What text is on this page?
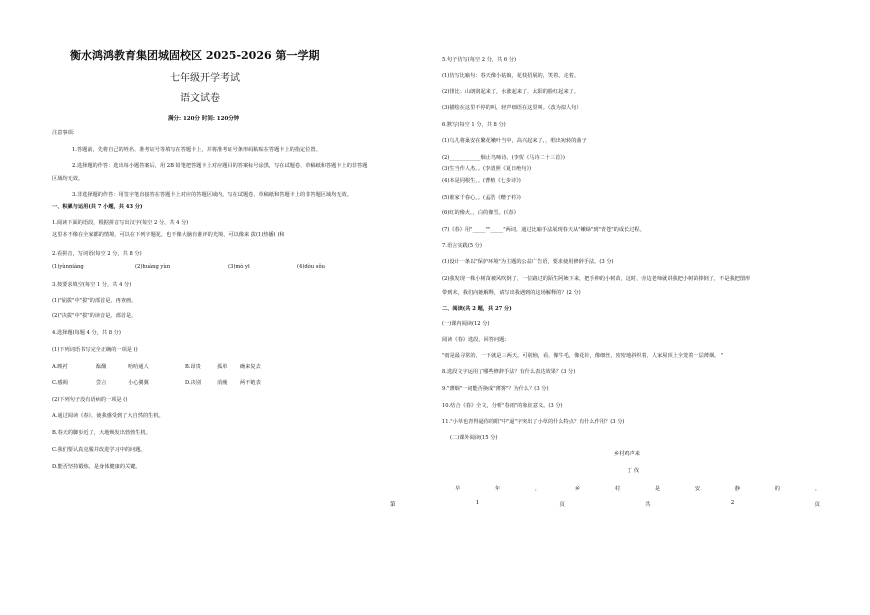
衡水鸿鸿教育集团城固校区 2025-2026 第一学期
七年级开学考试
语文试卷
满分: 120分 时间: 120分钟
注意事项:
1.答题前，先将自己的姓名、准考证号等填写在答题卡上，并将准考证号条形码粘贴在答题卡上的指定位置。
2.选择题的作答：选出每小题答案后，用 2B 铅笔把答题卡上对应题目的答案标号涂黑，写在试题卷、草稿纸和答题卡上的非答题
区域均无效。
3.非选择题的作答：用签字笔直接答在答题卡上对应的答题区域内。写在试题卷、草稿纸和答题卡上的非答题区域均无效。
一、积累与运用(共 7 小题，共 43 分)
1.阅读下面的语段，根据拼音写出汉字(每空 2 分，共 4 分)
这里本不像在全家都的情境，可以在下列字题花，也不像大脑有谁评的光境，可以像来 拔(1)热播( )和
2.看拼音，写词语(每空 2 分，共 8 分)
(1)yùnniàng	(2)huàng yùn	(3)mò yī	(4)dòu sǒu
3.按要求填空(每空 1 分，共 4 分)
(1)"崩拔"中"拔"的部首是，再查画。
(2)"决拔"中"拔"的读音是，部首是。
4.选择题(每题 4 分，共 8 分)
(1)下列词语书写完全正确的一项是 ()
A.映衬	酝酿	哈哈通人	B.昂贵	孤单 确来复去
C.感阁	尝言	小心翼翼	D.决别	消瘦 两不链表
(2)下列句子没有语病的一项是 ()
A.通过阅读《春》，使我感受到了大自然的生机。
B.春天的脚步近了，大地焕发出勃勃生机。
C.我们要认真克服并改进学习中的问题。
D.能否坚持锻炼，是身体健康的关键。
5.句子仿写(每空 2 分，共 6 分)
(1)仿写比喻句：春天像小姑娘，花枝招展的，笑着，走着。
(2)排比：山朗润起来了，水涨起来了，太阳的脸红起来了。
(3)描绘在这里不停的叫，轻声细语在这里叫。（改为拟人句）
6.默写(每空 1 分，共 8 分)
(1)乌儿将巢安在繁花嫩叶当中，高兴起来了，，唱出宛转的曲子
(2)____________烟止鸟啼诗。(李贺《马诗二十三首》)
(3)生当作人杰，。(李清照《夏日绝句》)
(4)本是同根生，。(曹植《七步诗》)
(5)谁家千春心，。(孟浩《赠子衿》)
(6)红的像火，，白的像雪。(《春》
(7)《春》用"_____""_____"两词，通过比喻手法展现春天从"嫩绿"到"青苍"的成长过程。
7.语言实践(5 分)
(1)设计一条以"保护环境"为主题的公益广告语，要求使用修辞手法。(3 分)
(2)我发现一株小树苗被风吹倒了，一位路过的陌生阿姨下来，把手伸的小树苗，这时，旁边老师就讲我把小树苗捧倒了，不是我把图形
带到末，我们向她解释，请写出我遇到的这场解释的？(2 分)
二、阅读(共 2 题，共 27 分)
(一)课内阅读(12 分)
阅读《春》选段，回答问题:
"雨是最寻常的，一下就是三两天。可别恼，看，像牛毛，像花针，像细丝，密密地斜织着，人家屋顶上全笼着一层薄烟。 "
8.选段文字运用了哪些修辞手法？有什么表达效果？(3 分)
9."薄烟"一词能否换成"薄雾"？为什么？(3 分)
10.结合《春》全文，分析"春雨"的象征意义。(3 分)
11."小草也青得逼你的眼"中"逼"字突出了小草的什么特点？有什么作用？(3 分)
(二)课外阅读(15 分)
乡村鸡声来
丁 伐
早	年	，	乡	村	是	安	静	的	。
第	1	页	共	2	页
